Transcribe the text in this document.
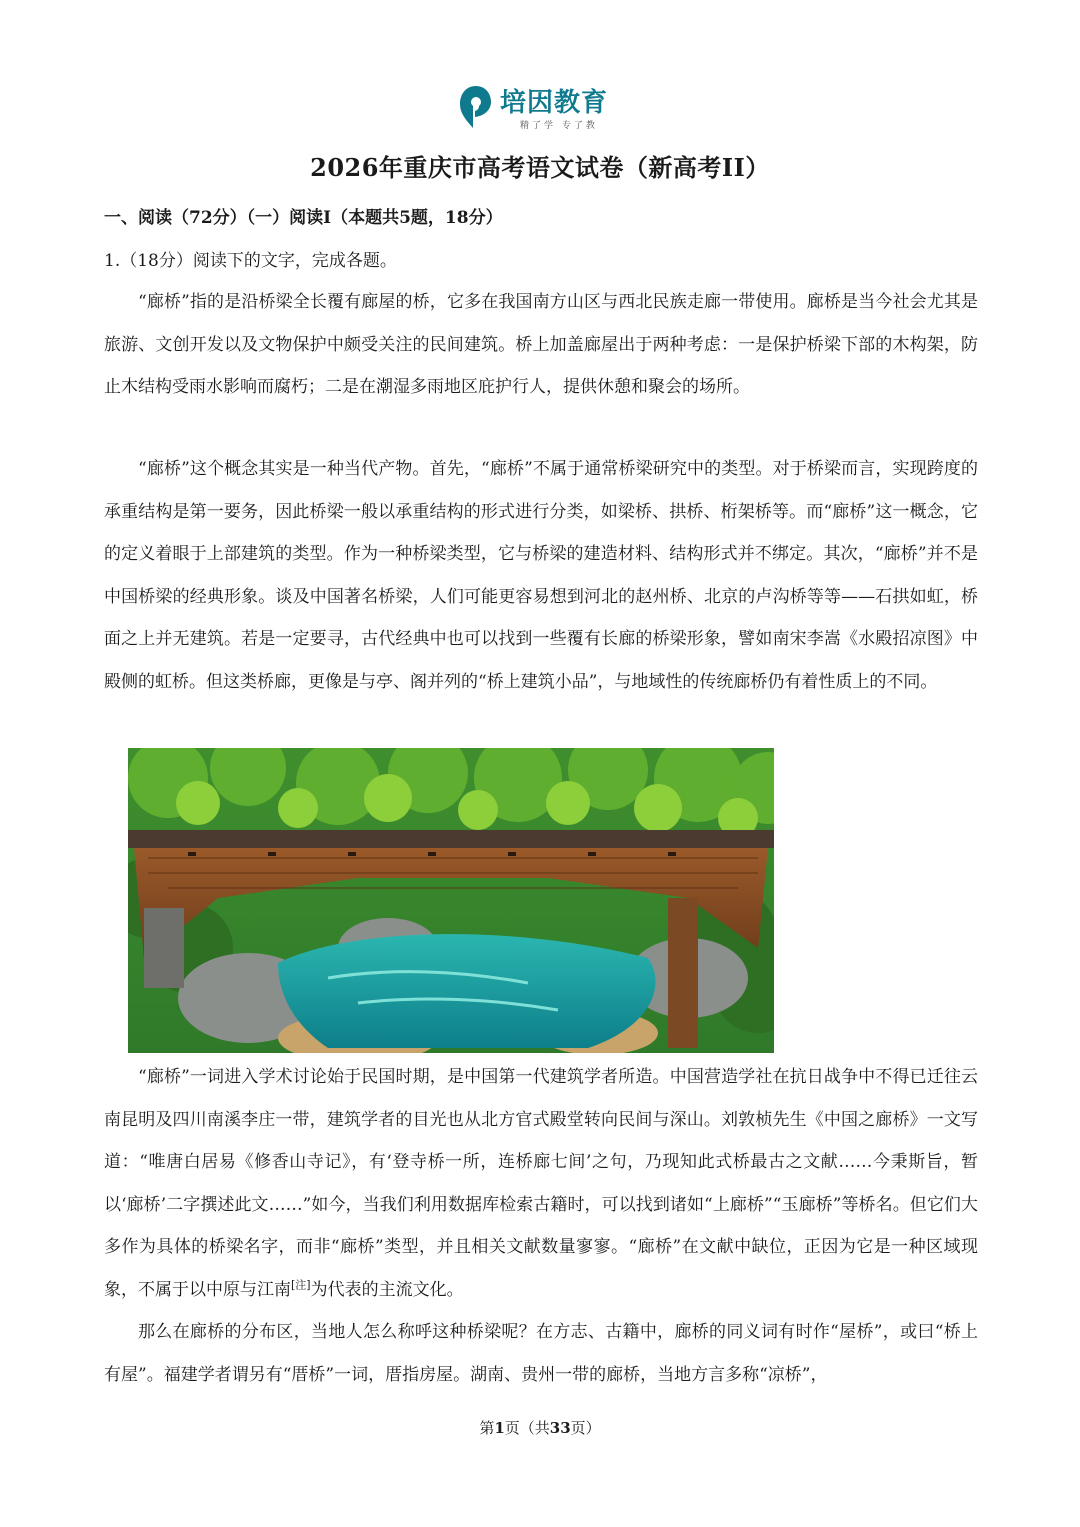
培因教育
精了学 专了教
2026年重庆市高考语文试卷（新高考II）
一、阅读（72分）（一）阅读I（本题共5题，18分）
1.（18分）阅读下的文字，完成各题。

“廊桥”指的是沿桥梁全长覆有廊屋的桥，它多在我国南方山区与西北民族走廊一带使用。廊桥是当今社会尤其是旅游、文创开发以及文物保护中颇受关注的民间建筑。桥上加盖廊屋出于两种考虑：一是保护桥梁下部的木构架，防止木结构受雨水影响而腐朽；二是在潮湿多雨地区庇护行人，提供休憩和聚会的场所。

“廊桥”这个概念其实是一种当代产物。首先，“廊桥”不属于通常桥梁研究中的类型。对于桥梁而言，实现跨度的承重结构是第一要务，因此桥梁一般以承重结构的形式进行分类，如梁桥、拱桥、桁架桥等。而“廊桥”这一概念，它的定义着眼于上部建筑的类型。作为一种桥梁类型，它与桥梁的建造材料、结构形式并不绑定。其次，“廊桥”并不是中国桥梁的经典形象。谈及中国著名桥梁，人们可能更容易想到河北的赵州桥、北京的卢沟桥等等——石拱如虹，桥面之上并无建筑。若是一定要寻，古代经典中也可以找到一些覆有长廊的桥梁形象，譬如南宋李嵩《水殿招凉图》中殿侧的虹桥。但这类桥廊，更像是与亭、阁并列的“桥上建筑小品”，与地域性的传统廊桥仍有着性质上的不同。

“廊桥”一词进入学术讨论始于民国时期，是中国第一代建筑学者所造。中国营造学社在抗日战争中不得已迁往云南昆明及四川南溪李庄一带，建筑学者的目光也从北方官式殿堂转向民间与深山。刘敦桢先生《中国之廊桥》一文写道：“唯唐白居易《修香山寺记》，有‘登寺桥一所，连桥廊七间’之句，乃现知此式桥最古之文献……今秉斯旨，暂以‘廊桥’二字撰述此文……”如今，当我们利用数据库检索古籍时，可以找到诸如“上廊桥”“玉廊桥”等桥名。但它们大多作为具体的桥梁名字，而非“廊桥”类型，并且相关文献数量寥寥。“廊桥”在文献中缺位，正因为它是一种区域现象，不属于以中原与江南[注]为代表的主流文化。

那么在廊桥的分布区，当地人怎么称呼这种桥梁呢？在方志、古籍中，廊桥的同义词有时作“屋桥”，或曰“桥上有屋”。福建学者谓另有“厝桥”一词，厝指房屋。湖南、贵州一带的廊桥，当地方言多称“凉桥”，

第1页（共33页）
